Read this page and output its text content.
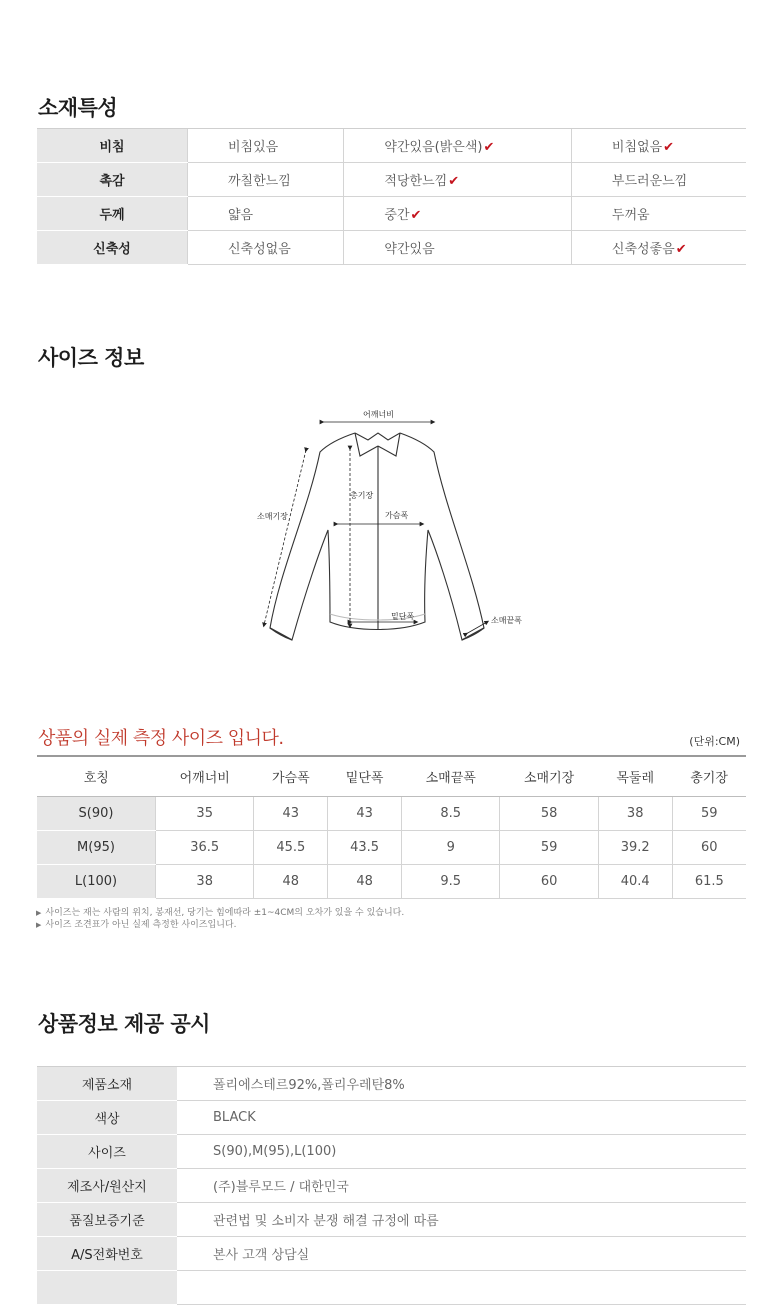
소재특성
비침	비침있음	약간있음(밝은색)✔	비침없음✔
촉감	까칠한느낌	적당한느낌✔	부드러운느낌
두께	얇음	중간✔	두꺼움
신축성	신축성없음	약간있음	신축성좋음✔
사이즈 정보
어깨너비
총기장
가슴폭
소매기장
밑단폭	소매끝폭

상품의 실제 측정 사이즈 입니다.	(단위:CM)
호칭	어깨너비	가슴폭	밑단폭	소매끝폭	소매기장	목둘레	총기장
S(90)	35	43	43	8.5	58	38	59
M(95)	36.5	45.5	43.5	9	59	39.2	60
L(100)	38	48	48	9.5	60	40.4	61.5
▶ 사이즈는 재는 사람의 위치, 봉재선, 당기는 힘에따라 ±1~4CM의 오차가 있을 수 있습니다.
▶ 사이즈 조견표가 아닌 실제 측정한 사이즈입니다.
상품정보 제공 공시
제품소재	폴리에스테르92%,폴리우레탄8%
색상	BLACK
사이즈	S(90),M(95),L(100)
제조사/원산지	(주)블루모드 / 대한민국
품질보증기준	관련법 및 소비자 분쟁 해결 규정에 따름
A/S전화번호	본사 고객 상담실
